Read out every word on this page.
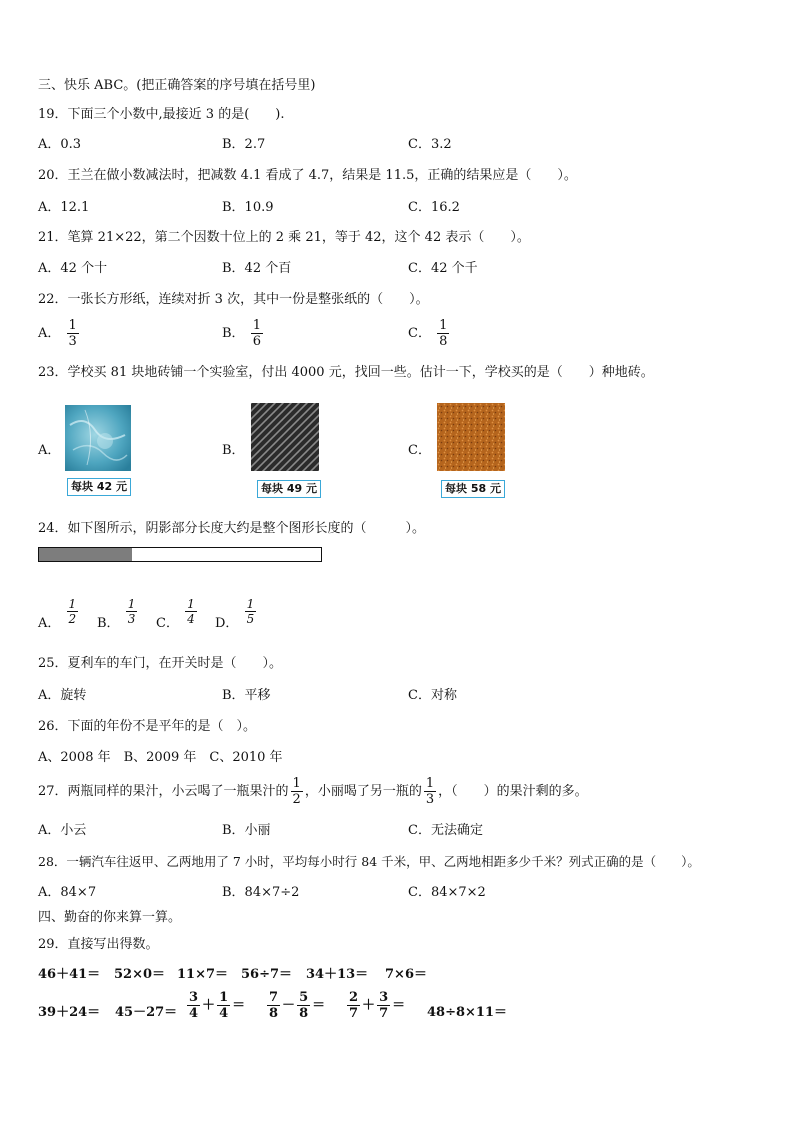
三、快乐 ABC。(把正确答案的序号填在括号里)
19．下面三个小数中,最接近 3 的是(　　).
A．0.3	B．2.7	C．3.2
20．王兰在做小数减法时，把减数 4.1 看成了 4.7，结果是 11.5，正确的结果应是（　　）。
A．12.1	B．10.9	C．16.2
21．笔算 21×22，第二个因数十位上的 2 乘 21，等于 42，这个 42 表示（　　）。
A．42 个十	B．42 个百	C．42 个千
22．一张长方形纸，连续对折 3 次，其中一份是整张纸的（　　）。
A． $\frac{1}{3}$	B． $\frac{1}{6}$	C． $\frac{1}{8}$
23．学校买 81 块地砖铺一个实验室，付出 4000 元，找回一些。估计一下，学校买的是（　　）种地砖。
A．
每块 42 元
B．
每块 49 元
C．
每块 58 元
24．如下图所示，阴影部分长度大约是整个图形长度的（　　　）。
A． $\frac{1}{2}$ B． $\frac{1}{3}$ C． $\frac{1}{4}$ D． $\frac{1}{5}$
25．夏利车的车门，在开关时是（　　）。
A．旋转	B．平移	C．对称
26．下面的年份不是平年的是（　）。
A、2008 年　B、2009 年　C、2010 年
27．两瓶同样的果汁，小云喝了一瓶果汁的 $\frac{1}{2}$ ，小丽喝了另一瓶的 $\frac{1}{3}$ ，（　　）的果汁剩的多。
A．小云	B．小丽	C．无法确定
28．一辆汽车往返甲、乙两地用了 7 小时，平均每小时行 84 千米，甲、乙两地相距多少千米？列式正确的是（　　）。
A．84×7	B．84×7÷2	C．84×7×2
四、勤奋的你来算一算。
29．直接写出得数。
46＋41＝ 52×0＝ 11×7＝ 56÷7＝ 34＋13＝ 7×6＝
$39+24= 45-27= \frac{3}{4} + \frac{1}{4} = \frac{7}{8} - \frac{5}{8} = \frac{2}{7} + \frac{3}{7} = 48\div 8\times 11=$
